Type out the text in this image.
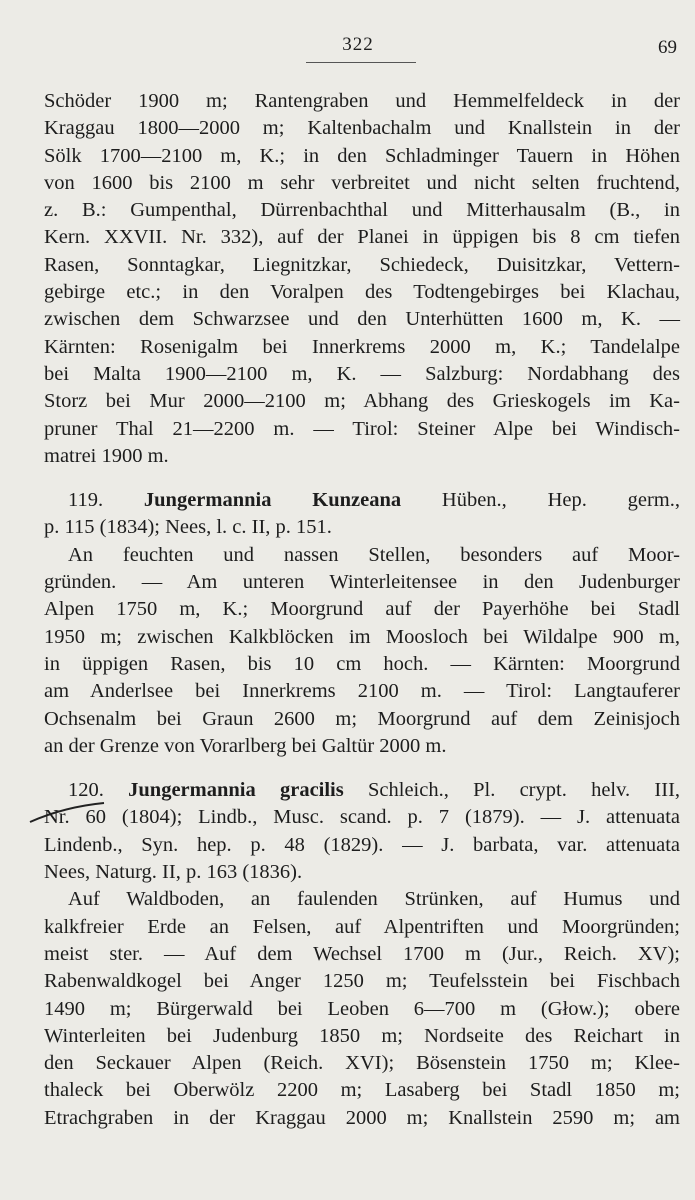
322	69
Schöder 1900 m; Rantengraben und Hemmelfeldeck in der
Kraggau 1800—2000 m; Kaltenbachalm und Knallstein in der
Sölk 1700—2100 m, K.; in den Schladminger Tauern in Höhen
von 1600 bis 2100 m sehr verbreitet und nicht selten fruchtend,
z. B.: Gumpenthal, Dürrenbachthal und Mitterhausalm (B., in
Kern. XXVII. Nr. 332), auf der Planei in üppigen bis 8 cm tiefen
Rasen, Sonntagkar, Liegnitzkar, Schiedeck, Duisitzkar, Vettern-
gebirge etc.; in den Voralpen des Todtengebirges bei Klachau,
zwischen dem Schwarzsee und den Unterhütten 1600 m, K. —
Kärnten: Rosenigalm bei Innerkrems 2000 m, K.; Tandelalpe
bei Malta 1900—2100 m, K. — Salzburg: Nordabhang des
Storz bei Mur 2000—2100 m; Abhang des Grieskogels im Ka-
pruner Thal 21—2200 m. — Tirol: Steiner Alpe bei Windisch-
matrei 1900 m.
119. Jungermannia Kunzeana Hüben., Hep. germ.,
p. 115 (1834); Nees, l. c. II, p. 151.
An feuchten und nassen Stellen, besonders auf Moor-
gründen. — Am unteren Winterleitensee in den Judenburger
Alpen 1750 m, K.; Moorgrund auf der Payerhöhe bei Stadl
1950 m; zwischen Kalkblöcken im Moosloch bei Wildalpe 900 m,
in üppigen Rasen, bis 10 cm hoch. — Kärnten: Moorgrund
am Anderlsee bei Innerkrems 2100 m. — Tirol: Langtauferer
Ochsenalm bei Graun 2600 m; Moorgrund auf dem Zeinisjoch
an der Grenze von Vorarlberg bei Galtür 2000 m.
120. Jungermannia gracilis Schleich., Pl. crypt. helv. III,
Nr. 60 (1804); Lindb., Musc. scand. p. 7 (1879). — J. attenuata
Lindenb., Syn. hep. p. 48 (1829). — J. barbata, var. attenuata
Nees, Naturg. II, p. 163 (1836).
Auf Waldboden, an faulenden Strünken, auf Humus und
kalkfreier Erde an Felsen, auf Alpentriften und Moorgründen;
meist ster. — Auf dem Wechsel 1700 m (Jur., Reich. XV);
Rabenwaldkogel bei Anger 1250 m; Teufelsstein bei Fischbach
1490 m; Bürgerwald bei Leoben 6—700 m (Głow.); obere
Winterleiten bei Judenburg 1850 m; Nordseite des Reichart in
den Seckauer Alpen (Reich. XVI); Bösenstein 1750 m; Klee-
thaleck bei Oberwölz 2200 m; Lasaberg bei Stadl 1850 m;
Etrachgraben in der Kraggau 2000 m; Knallstein 2590 m; am
